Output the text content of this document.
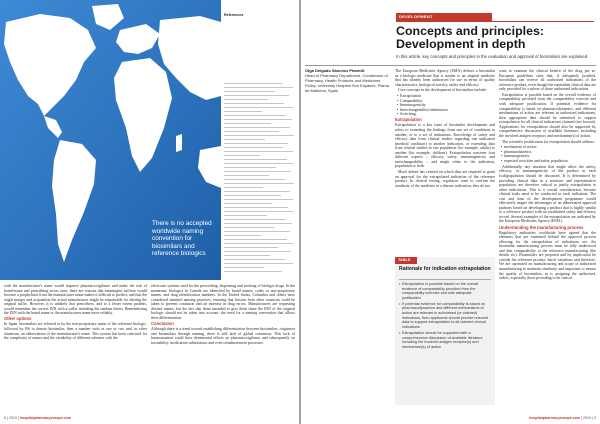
There is no accepted worldwide naming convention for biosimilars and reference biologics
References

with the manufacturer's name would improve pharmacovigilance and make the risk of brand-name and prescribing errors rarer; there are reasons that meaningful suffixes would become a prophylaxis from the manufacturer name makes it difficult to predict; and that the single merger and acquisition the actual manufacturer might be responsible for altering the original suffix. However, it is unlikely that prescribers, and to a lesser extent patients, would remember the correct INN with a suffix including the random letters. Remembering the INN with the brand name or the manufacturer name more reliably.

Other options

In Japan, biosimilars are referred to by the non-proprietary name of the reference biologic, followed by BS to denote biosimilar, then a number such as one or two and, in other situations, an abbreviation of the manufacturer's name. This system has been criticised for the complexity of names and the variability of different schemes with the

electronic systems used for the prescribing, dispensing and tracking of biologic drugs. In the meantime, biologics in Canada are identified by brand names, codes or non-proprietary names, and drug identification numbers. In the United States, Columbia and others have considered standard naming practices, ensuring that lessons from other countries could be taken to prevent confusion and an increase in drug errors. Manufacturers are requesting distinct names, but the fact that those intended to give them share the INN of the original biologic should not be taken into account; the need for a naming convention that allows their differentiation.

Conclusion

Although there is a trend toward establishing differentiation between biosimilars, originator and biosimilars through naming, there is still lack of global consensus. This lack of harmonisation could have detrimental effects on pharmacovigilance and subsequently on traceability, medication substitution, and even reimbursement processes.

8 | 2019 | hospitalpharmacyeurope.com
DEVELOPMENT
Concepts and principles: Development in depth
In this article, key concepts and principles in the evaluation and approval of biosimilars are explained
Olga Delgado Sánchez PharmD
Head of Pharmacy Department, Coordinator of Pharmacy, Health Products and Medicines Policy, University Hospital Son Espases, Palma de Mallorca, Spain

The European Medicines Agency (EMA) defines a biosimilar as a biologic medicine that is similar to an original medicine that has already been authorised for use in terms of quality characteristics, biological activity, safety and efficacy.

Core concepts in the development of biosimilars include:

• Extrapolation
• Comparability
• Immunogenicity
• Interchangeability/substitution
• Switching.

Extrapolation

Extrapolation is a key issue of biosimilar development and refers to extending the findings from one set of conditions to another, or to a set of indications. Knowledge of safety and efficacy data from clinical studies regarding one indication (medical condition) to another indication, or extending data from clinical studies in one population (for example, adults) to another (for example, children). Extrapolation concerns four different aspects – efficacy, safety, immunogenicity and interchangeability – and might relate to the indication, population or both.

Much debate has centred on which data are required to grant an approval for the extrapolated indication of the reference product. In clinical testing, regulators want to confirm the similarity of the medicine in a disease indication; they do not

TABLE
Rationale for indication extrapolation
• Extrapolation is possible based on the overall evidence of comparability provided from the comparability exercise and with adequate justification
• If potential evidence for comparability is based on pharmacodynamics and different mechanisms of action are relevant in authorised (or claimed) indications, then applicants should provide relevant data to support extrapolation to all claimed clinical indications
• Extrapolation should be supported with a comprehensive discussion of available literature including the involved antigen receptor(s) and mechanism(s) of action

want to examine the clinical benefit of the drug per se. European guidelines state that, if adequately justified, biosimilars can receive all authorised indications of the reference product, even though the equivalent clinical data are only provided for a subset of those authorised indications.

Extrapolation is possible based on the overall evidence of comparability provided from the comparability exercise and with adequate justification. If potential evidence for comparability is based on pharmacodynamics, and different mechanisms of action are relevant in authorised indications, then appropriate data should be submitted to support extrapolation for all clinical indications claimed (see boxout). Applications for extrapolation should also be supported by comprehensive discussion of available literature, including the involved antigen receptors and mechanism(s) of action.

The scientific justification for extrapolation should address:

• mechanism of action
• pharmacokinetics
• immunogenicity
• expected toxicities and safety population.

Additionally, any situation that might affect the safety, efficacy, or immunogenicity of the product in each (sub)population should be discussed. It is determined by providing clinical data in a sensitive and representative population, are therefore critical to justify extrapolation to other indications. This is a crucial consideration, because clinical trials need to be conducted in each indication. The cost and time of the development programme would effectively negate the advantages of an abbreviated approval pathway based on developing a product that is highly similar to a reference product with an established safety and efficacy record. Several examples of the extrapolation are indicated by the European Medicines Agency (EMA).

Understanding the manufacturing process

Regulatory authorities worldwide have agreed that the elements that are examined behind the approval process allowing for the extrapolation of indications are: the biosimilar manufacturing process must be fully understood and that comparability to the reference manufacturing (the details etc). Biosimilars are prepared and by implication be outside the reference product, batch variations and therefore. We are optimised on manufacturing and scope of authorised manufacturing to maintain similarity and important to ensure the quality of biosimilars, as is assigning the authorised, orders, especially those providing to be critical.

hospitalpharmacyeurope.com | 2019 | 9
